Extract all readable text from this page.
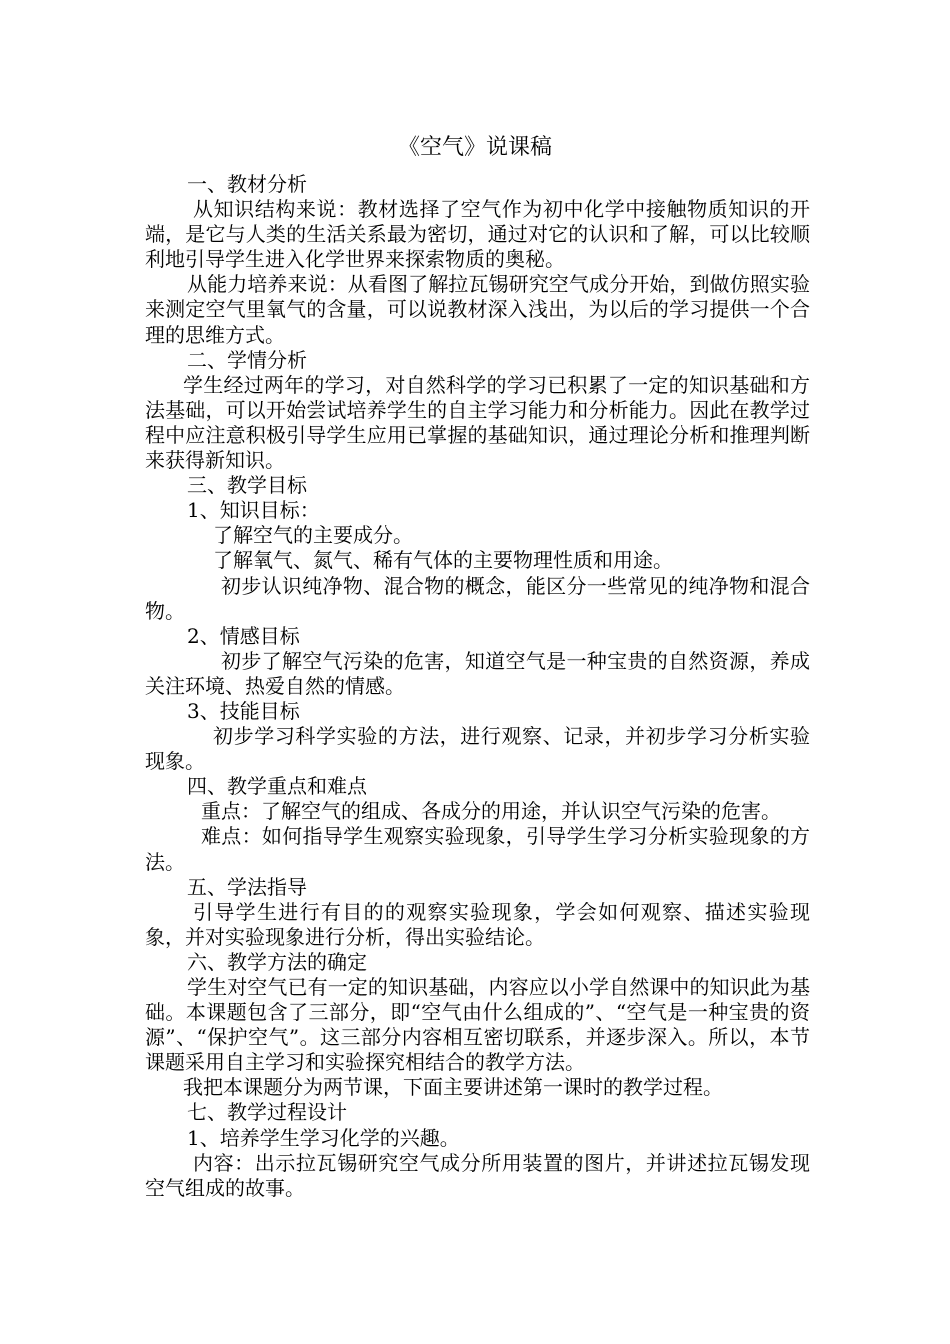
《空气》说课稿

一、教材分析

从知识结构来说：教材选择了空气作为初中化学中接触物质知识的开端，是它与人类的生活关系最为密切，通过对它的认识和了解，可以比较顺利地引导学生进入化学世界来探索物质的奥秘。

从能力培养来说：从看图了解拉瓦锡研究空气成分开始，到做仿照实验来测定空气里氧气的含量，可以说教材深入浅出，为以后的学习提供一个合理的思维方式。

二、学情分析

学生经过两年的学习，对自然科学的学习已积累了一定的知识基础和方法基础，可以开始尝试培养学生的自主学习能力和分析能力。因此在教学过程中应注意积极引导学生应用已掌握的基础知识，通过理论分析和推理判断来获得新知识。

三、教学目标

1、知识目标：

了解空气的主要成分。

了解氧气、氮气、稀有气体的主要物理性质和用途。

初步认识纯净物、混合物的概念，能区分一些常见的纯净物和混合物。

2、情感目标

初步了解空气污染的危害，知道空气是一种宝贵的自然资源，养成关注环境、热爱自然的情感。

3、技能目标

初步学习科学实验的方法，进行观察、记录，并初步学习分析实验现象。

四、教学重点和难点

重点：了解空气的组成、各成分的用途，并认识空气污染的危害。

难点：如何指导学生观察实验现象，引导学生学习分析实验现象的方法。

五、学法指导

引导学生进行有目的的观察实验现象，学会如何观察、描述实验现象，并对实验现象进行分析，得出实验结论。

六、教学方法的确定

学生对空气已有一定的知识基础，内容应以小学自然课中的知识此为基础。本课题包含了三部分，即“空气由什么组成的”、“空气是一种宝贵的资源”、“保护空气”。这三部分内容相互密切联系，并逐步深入。所以，本节课题采用自主学习和实验探究相结合的教学方法。

我把本课题分为两节课，下面主要讲述第一课时的教学过程。

七、教学过程设计

1、培养学生学习化学的兴趣。

内容：出示拉瓦锡研究空气成分所用装置的图片，并讲述拉瓦锡发现空气组成的故事。
